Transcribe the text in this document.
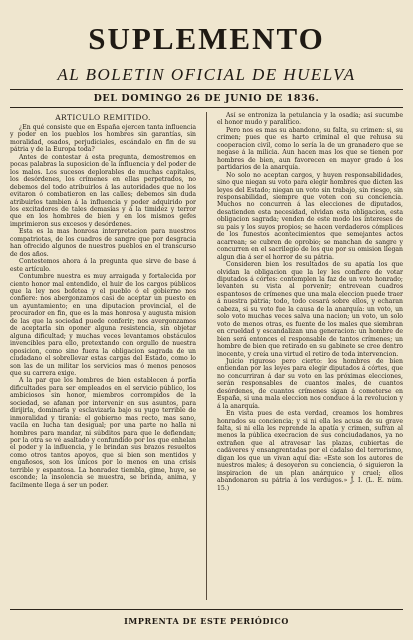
SUPLEMENTO
AL BOLETIN OFICIAL DE HUELVA
DEL DOMINGO 26 DE JUNIO DE 1836.
ARTICULO REMITIDO.

¿En qué consiste que en España ejercen tanta influencia y poder en los pueblos los hombres sin garantías, sin moralidad, osados, perjudiciales, escándalo en fin de su pátria y de la Europa toda?

Antes de contestar á esta pregunta, demostremos en pocas palabras la suposicion de la influencia y del poder de los malos. Los sucesos deplorables de muchas capitales, los desórdenes, los crímenes en ellas perpetrados, no debemos del todo atribuirlos á las autoridades que no los evitaron ó combatieron en las calles; debemos sin duda atribuirlos tambien á la influencia y poder adquirido por los excitadores de tales demasías y á la timidez y terror que en los hombres de bien y en los mismos gefes imprimieron sus excesos y desórdenes.

Esta es la mas honrosa interpretacion para nuestros compatriotas, de los cuadros de sangre que por desgracia han ofrecido algunos de nuestros pueblos en el transcurso de dos años.

Contestemos ahora á la pregunta que sirve de base á este artículo.

Contumbre nuestra es muy arraigada y fortalecida por ciento honor mal entendido, el huir de los cargos públicos que la ley nos bofetea y el pueblo ó el gobierno nos confiere: nos abergonzamos casi de aceptar un puesto en un ayuntamiento; en una diputacion provincial, el de procurador en fin, que es la mas honrosa y augusta mision de las que la sociedad puede conferir; nos avergonzamos de aceptarla sin oponer alguna resistencia, sin objetar alguna dificultad; y muchas veces levantamos obstáculos invencibles para ello, pretextando con orgullo de nuestra oposicion, como sino fuera la obligacion sagrada de un ciudadano el sobrellevar estas cargas del Estado, como lo son las de un militar los servicios mas ó menos penosos que su carrera exige.

A la par que los hombres de bien establecen á porfía dificultades para ser empleados en el servicio público, los ambiciosos sin honor, miembros corrompidos de la sociedad, se afanan por intervenir en sus asuntos, para dirijirla, dominarla y esclavizarla bajo su yugo terrible de inmoralidad y tiranía: el gobierno mas recto, mas sano, vacila en lucha tan desigual; por una parte no halla ni hombres para mandar, ni súbditos para que le defiendan; por la otra se vé asaltado y confundido por los que enhelan el poder y la influencia, y le brindan sus brazos resueltos como otros tantos apoyos, que si bien son mentidos y engañosos, son los únicos por lo menos en una crisis terrible y espantosa. La honradez tiembla, gime, huye, se esconde; la insolencia se muestra, se brinda, anima, y facilmente llega á ser un poder.

Así se entroniza la petulancia y la osadía; así sucumbe el honor mudo y paralítico.

Pero nos es mas su abandono, su falta, su crimen: si, su crimen; pues que es harto criminal el que rehusa su cooperacion civil, como lo sería la de un granadero que se negase á la milicia. Aun hacen mas los que se tienen por hombres de bien, aun favorecen en mayor grado á los partidarios de la anarquía.

No solo no aceptan cargos, y huyen responsabilidades, sino que niegan su voto para elegir hombres que dicten las leyes del Estado; niegan un voto sin trabajo, sin riesgo, sin responsabilidad, siempre que voten con su conciencia. Muchos no concurren á las elecciones de diputados, desatienden esta necesidad, olvidan esta obligacion, esta obligacion sagrada; venden de este modo los intereses de su pais y los suyos propios; se hacen verdaderos cómplices de los funestos acontecimientos que semejantes actos acarrean; se cubren de oprobio; se manchan de sangre y concurren en el sacrilegio de los que por su omision llegan algun dia á ser el horror de su pátria.

Consideren bien los resultados de su apatía los que olvidan la obligacion que la ley les confiere de votar diputados á córtes: contemplen la faz de un voto honrado; levanten su vista al porvenir; entrevean cuadros espantosos de crímenes que una mala eleccion puede traer á nuestra pátria; todo, todo cesará sobre ellos, y echaran cabeza, si su voto fue la causa de la anarquía: un voto, un solo voto muchas veces salva una nacion; un voto, un solo voto de menos otras, es fuente de los males que siembran en crueldad y escandalizan una generacion: un hombre de bien será entonces el responsable de tantos crímenes; un hombre de bien que retirado en su gabinete se cree dentro inocente, y creía una virtud el retiro de toda intervencion.

Juicio riguroso pero cierto: los hombres de bien entiendan por las leyes para elegir diputados á córtes, que no concurriran á dar su voto en las próximas elecciones, serán responsables de cuantos males, de cuantos desórdenes, de cuantos crímenes sigan á cometerse en España, si una mala eleccion nos conduce á la revolucion y á la anarquía.

En vista pues de esta verdad, creamos los hombres honrados su conciencia; y si ni ella les acusa de su grave falta, si ni ella les reprende la apatía y crimen, sufran al menos la pública execracion de sus conciudadanos, ya no extrañen que al atravesar las plazas, cubiertas de cadáveres y ensangrentadas por el cadalso del terrorismo, digan los que un vivan aquí dia: «Este son los autores de nuestros males; á desoyeron su conciencia, ó siguieron la inspiracion de un plan anárquico y cruel; ellos abandonaron su pátria á los verdugos.» J. I. (L. E. núm. 15.)

IMPRENTA DE ESTE PERIÓDICO
